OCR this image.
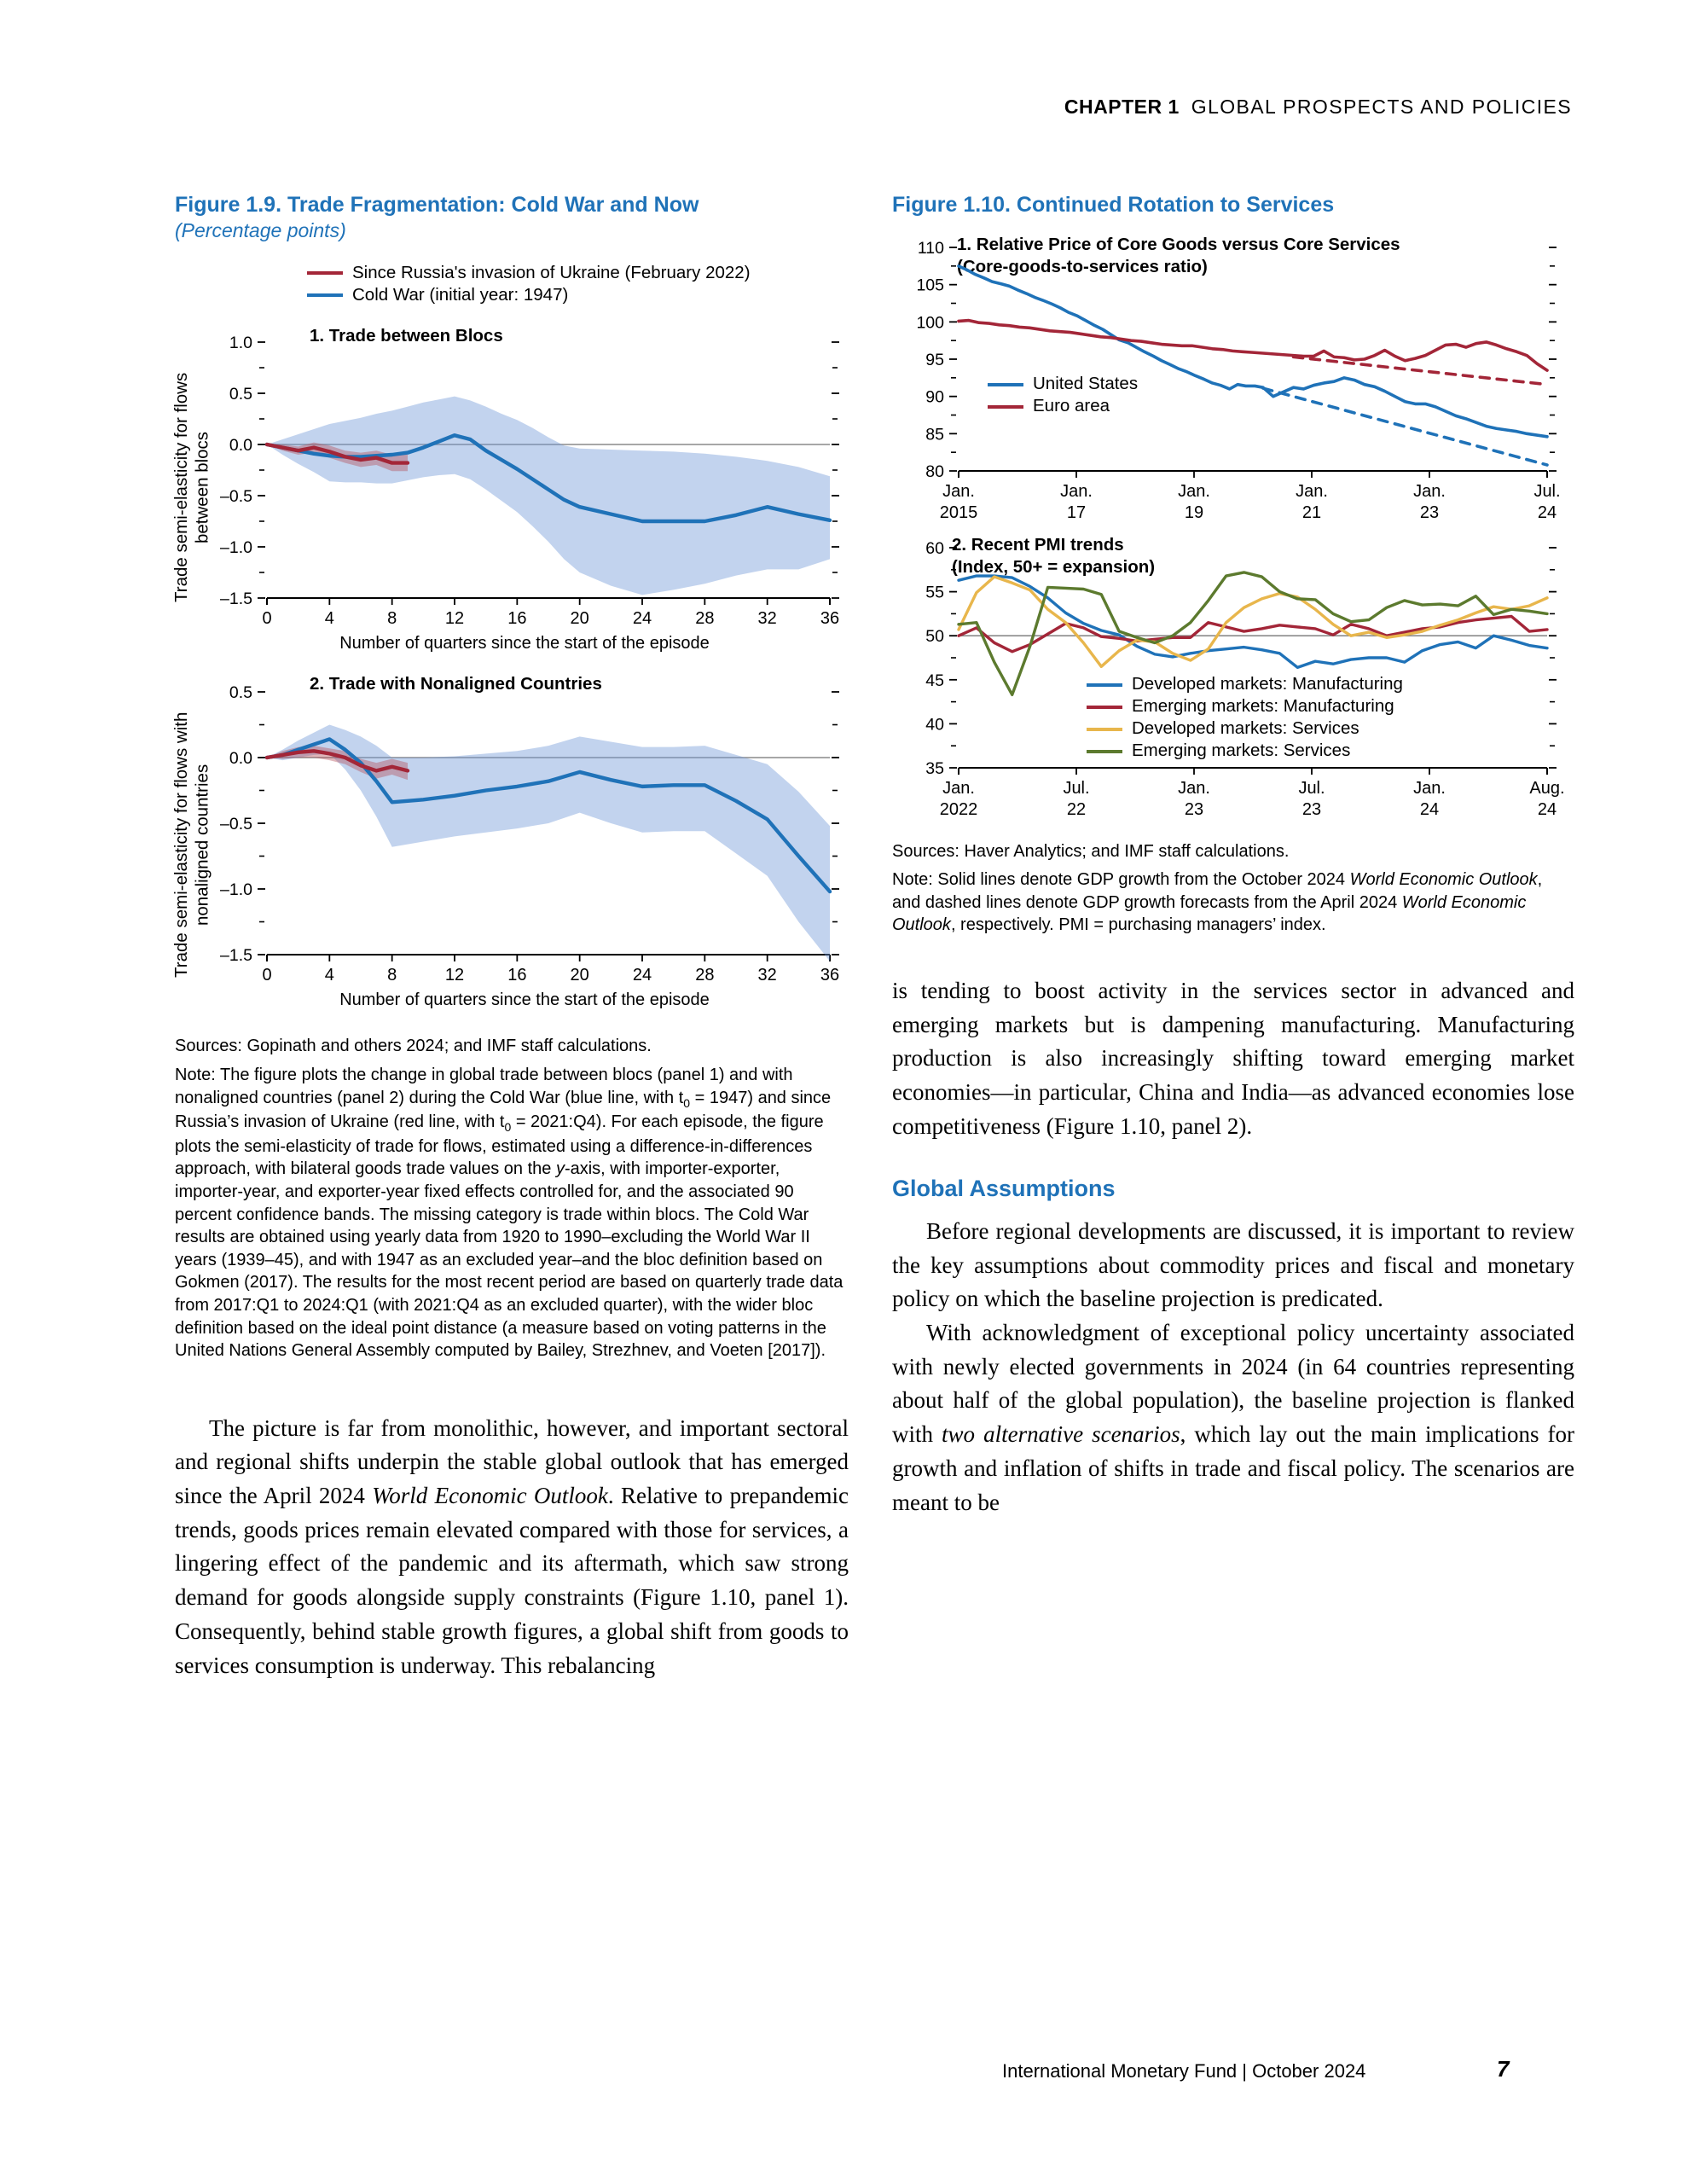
CHAPTER 1 GLOBAL PROSPECTS AND POLICIES
Figure 1.9. Trade Fragmentation: Cold War and Now
(Percentage points)
Since Russia's invasion of Ukraine (February 2022)
Cold War (initial year: 1947)
Trade semi-elasticity for flows between blocs
1. Trade between Blocs
–1.5
–1.0
–0.5
0.0
0.5
1.0
0	4	8	12	16	20	24	28	32	36
Number of quarters since the start of the episode
Trade semi-elasticity for flows with nonaligned countries
2. Trade with Nonaligned Countries
–1.5
–1.0
–0.5
0.0
0.5
0	4	8	12	16	20	24	28	32	36
Number of quarters since the start of the episode
Sources: Gopinath and others 2024; and IMF staff calculations.
Note: The figure plots the change in global trade between blocs (panel 1) and with nonaligned countries (panel 2) during the Cold War (blue line, with $t_0 = 1947$) and since Russia’s invasion of Ukraine (red line, with $t_0$ = 2021:Q4). For each episode, the figure plots the semi-elasticity of trade for flows, estimated using a difference-in-differences approach, with bilateral goods trade values on the y-axis, with importer-exporter, importer-year, and exporter-year fixed effects controlled for, and the associated 90 percent confidence bands. The missing category is trade within blocs. The Cold War results are obtained using yearly data from 1920 to 1990–excluding the World War II years (1939–45), and with 1947 as an excluded year–and the bloc definition based on Gokmen (2017). The results for the most recent period are based on quarterly trade data from 2017:Q1 to 2024:Q1 (with 2021:Q4 as an excluded quarter), with the wider bloc definition based on the ideal point distance (a measure based on voting patterns in the United Nations General Assembly computed by Bailey, Strezhnev, and Voeten [2017]).

The picture is far from monolithic, however, and important sectoral and regional shifts underpin the stable global outlook that has emerged since the April 2024 World Economic Outlook. Relative to prepandemic trends, goods prices remain elevated compared with those for services, a lingering effect of the pandemic and its aftermath, which saw strong demand for goods alongside supply constraints (Figure 1.10, panel 1). Consequently, behind stable growth figures, a global shift from goods to services consumption is underway. This rebalancing

Figure 1.10. Continued Rotation to Services
1. Relative Price of Core Goods versus Core Services
(Core-goods-to-services ratio)
80
85
90
95
100
105
110
Jan.
2015
Jan.
17
Jan.
19
Jan.
21
Jan.
23
Jul.
24
United States
Euro area
2. Recent PMI trends
(Index, 50+ = expansion)
35
40
45
50
55
60
Jan.
2022
Jul.
22
Jan.
23
Jul.
23
Jan.
24
Aug.
24
Developed markets: Manufacturing
Emerging markets: Manufacturing
Developed markets: Services
Emerging markets: Services
Sources: Haver Analytics; and IMF staff calculations.
Note: Solid lines denote GDP growth from the October 2024 World Economic Outlook, and dashed lines denote GDP growth forecasts from the April 2024 World Economic Outlook, respectively. PMI = purchasing managers’ index.

is tending to boost activity in the services sector in advanced and emerging markets but is dampening manufacturing. Manufacturing production is also increasingly shifting toward emerging market economies—in particular, China and India—as advanced economies lose competitiveness (Figure 1.10, panel 2).

Global Assumptions

Before regional developments are discussed, it is important to review the key assumptions about commodity prices and fiscal and monetary policy on which the baseline projection is predicated.

With acknowledgment of exceptional policy uncertainty associated with newly elected governments in 2024 (in 64 countries representing about half of the global population), the baseline projection is flanked with two alternative scenarios, which lay out the main implications for growth and inflation of shifts in trade and fiscal policy. The scenarios are meant to be

International Monetary Fund | October 2024	7
